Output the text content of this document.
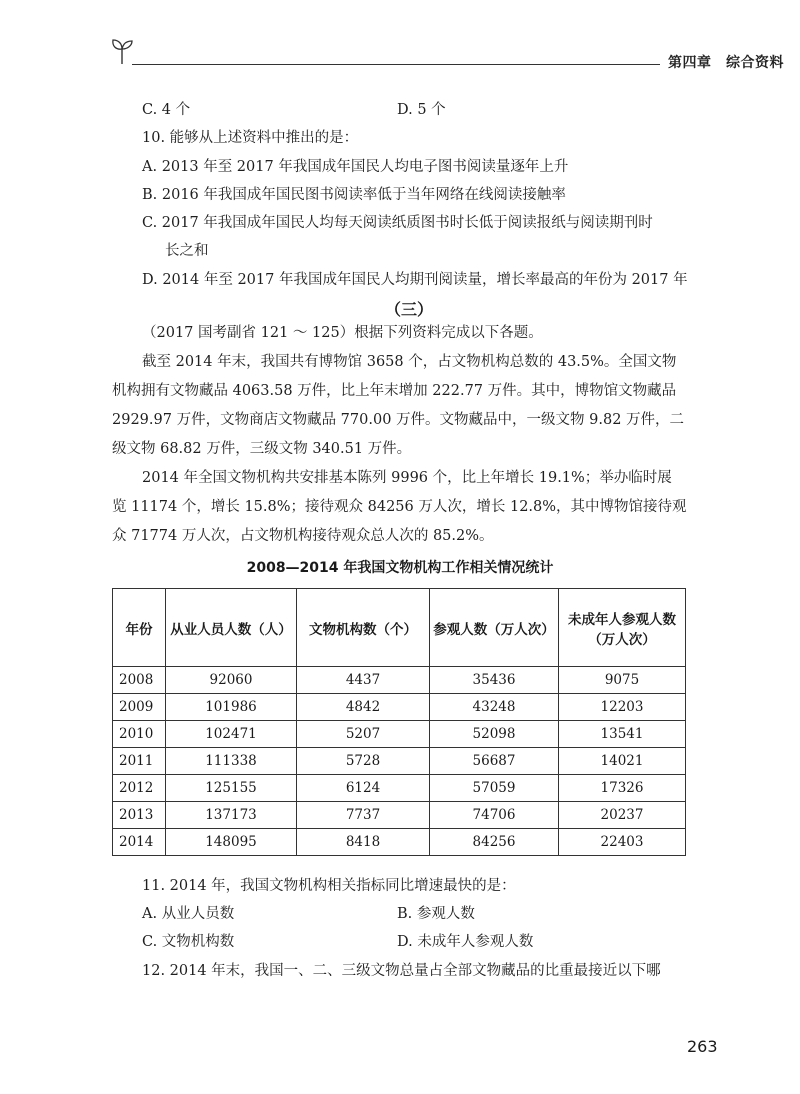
第四章　综合资料
C. 4 个	D. 5 个
10. 能够从上述资料中推出的是：
A. 2013 年至 2017 年我国成年国民人均电子图书阅读量逐年上升
B. 2016 年我国成年国民图书阅读率低于当年网络在线阅读接触率
C. 2017 年我国成年国民人均每天阅读纸质图书时长低于阅读报纸与阅读期刊时
长之和
D. 2014 年至 2017 年我国成年国民人均期刊阅读量，增长率最高的年份为 2017 年
（三）
（2017 国考副省 121 ～ 125）根据下列资料完成以下各题。
截至 2014 年末，我国共有博物馆 3658 个，占文物机构总数的 43.5%。全国文物
机构拥有文物藏品 4063.58 万件，比上年末增加 222.77 万件。其中，博物馆文物藏品
2929.97 万件，文物商店文物藏品 770.00 万件。文物藏品中，一级文物 9.82 万件，二
级文物 68.82 万件，三级文物 340.51 万件。
2014 年全国文物机构共安排基本陈列 9996 个，比上年增长 19.1%；举办临时展
览 11174 个，增长 15.8%；接待观众 84256 万人次，增长 12.8%，其中博物馆接待观
众 71774 万人次，占文物机构接待观众总人次的 85.2%。
2008—2014 年我国文物机构工作相关情况统计
年份	从业人员人数（人）	文物机构数（个）	参观人数（万人次）	未成年人参观人数
（万人次）

2008	92060	4437	35436	9075
2009	101986	4842	43248	12203
2010	102471	5207	52098	13541
2011	111338	5728	56687	14021
2012	125155	6124	57059	17326
2013	137173	7737	74706	20237
2014	148095	8418	84256	22403
11. 2014 年，我国文物机构相关指标同比增速最快的是：
A. 从业人员数	B. 参观人数
C. 文物机构数	D. 未成年人参观人数
12. 2014 年末，我国一、二、三级文物总量占全部文物藏品的比重最接近以下哪
263
